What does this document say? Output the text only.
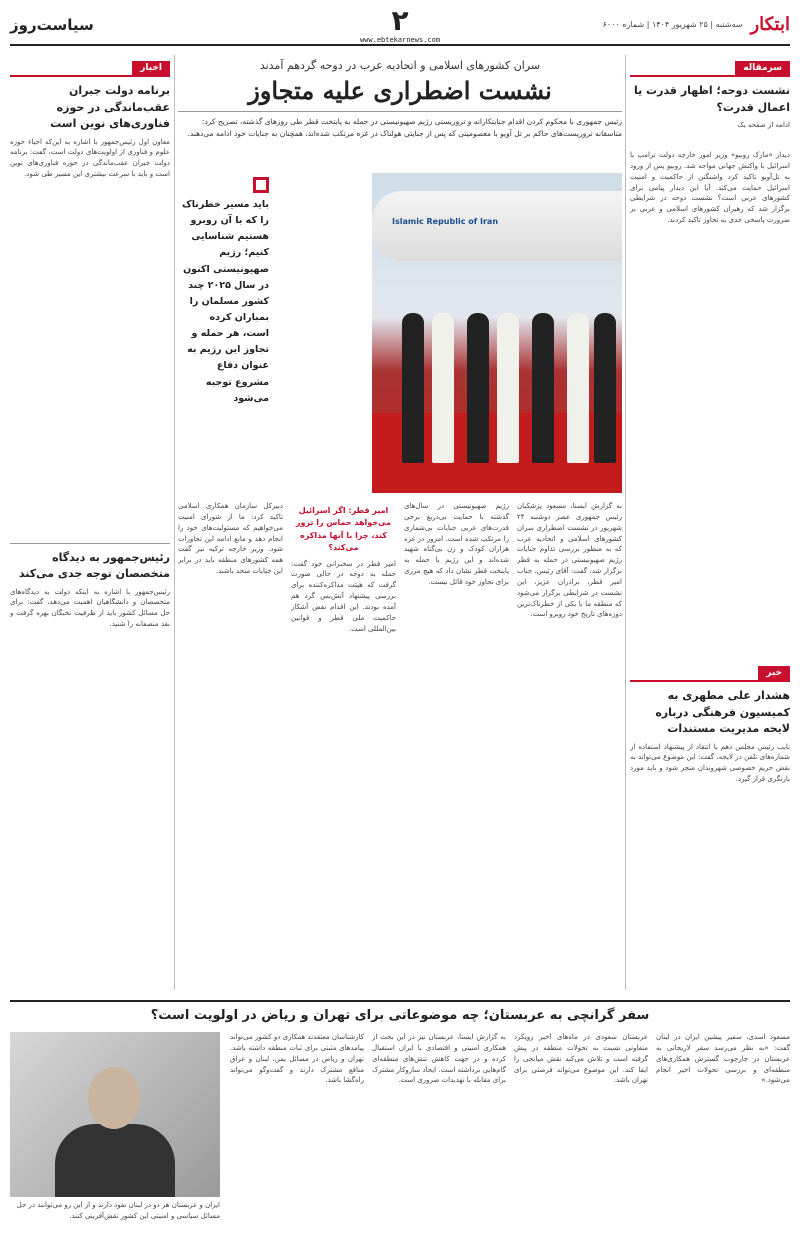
ابتکار
سه‌شنبه | ۲۵ شهریور ۱۴۰۴ | شماره ۶۰۰۰
۲
www.ebtekarnews.com
سیاست‌روز
سرمقاله
نشست دوحه؛ اظهار قدرت یا اعمال قدرت؟

ادامه از صفحه یک

دیدار «مارک روبیو» وزیر امور خارجه دولت ترامپ با اسرائیل با واکنش جهانی مواجه شد. روبیو پس از ورود به تل‌آویو تاکید کرد واشنگتن از حاکمیت و امنیت اسرائیل حمایت می‌کند. آیا این دیدار پیامی برای کشورهای عربی است؟ نشست دوحه در شرایطی برگزار شد که رهبران کشورهای اسلامی و عربی بر ضرورت پاسخی جدی به تجاوز تاکید کردند.

خبر
هشدار علی مطهری به کمیسیون فرهنگی درباره لایحه مدیریت مستندات

نایب رئیس مجلس دهم با انتقاد از پیشنهاد استفاده از شماره‌های تلفن در لایحه، گفت: این موضوع می‌تواند به نقض حریم خصوصی شهروندان منجر شود و باید مورد بازنگری قرار گیرد.

اخبار
برنامه دولت جبران عقب‌ماندگی در حوزه فناوری‌های نوین است

معاون اول رئیس‌جمهور با اشاره به این‌که احیاء حوزه علوم و فناوری از اولویت‌های دولت است، گفت: برنامه دولت جبران عقب‌ماندگی در حوزه فناوری‌های نوین است و باید با سرعت بیشتری این مسیر طی شود.

رئیس‌جمهور به دیدگاه متخصصان توجه جدی می‌کند

رئیس‌جمهور با اشاره به اینکه دولت به دیدگاه‌های متخصصان و دانشگاهیان اهمیت می‌دهد، گفت: برای حل مسائل کشور باید از ظرفیت نخبگان بهره گرفت و نقد منصفانه را شنید.

سران کشورهای اسلامی و اتحادیه عرب در دوحه گردهم آمدند
نشست اضطراری علیه متجاوز
رئیس جمهوری با محکوم کردن اقدام جنایتکارانه و تروریستی رژیم صهیونیستی در حمله به پایتخت قطر طی روزهای گذشته، تصریح کرد: متاسفانه تروریست‌های حاکم بر تل آویو با معصومیتی که پس از جنایتی هولناک در غزه مرتکب شده‌اند، همچنان به جنایات خود ادامه می‌دهند.
Islamic Republic of Iran
باید مسیر خطرناک را که با آن روبرو هستیم شناسایی کنیم؛ رژیم صهیونیستی اکنون در سال ۲۰۲۵ چند کشور مسلمان را بمباران کرده است، هر حمله و تجاوز این رژیم به عنوان دفاع مشروع توجیه می‌شود
به گزارش ایسنا، مسعود پزشکیان رئیس جمهوری عصر دوشنبه ۲۴ شهریور در نشست اضطراری سران کشورهای اسلامی و اتحادیه عرب که به منظور بررسی تداوم جنایات رژیم صهیونیستی در حمله به قطر برگزار شد، گفت: آقای رئیس، جناب امیر قطر، برادران عزیز، این نشست در شرایطی برگزار می‌شود که منطقه ما با یکی از خطرناک‌ترین دوره‌های تاریخ خود روبرو است.
رژیم صهیونیستی در سال‌های گذشته با حمایت بی‌دریغ برخی قدرت‌های غربی جنایات بی‌شماری را مرتکب شده است. امروز در غزه هزاران کودک و زن بی‌گناه شهید شده‌اند و این رژیم با حمله به پایتخت قطر نشان داد که هیچ مرزی برای تجاوز خود قائل نیست.
امیر قطر: اگر اسرائیل می‌خواهد حماس را ترور کند، چرا با آنها مذاکره می‌کند؟
امیر قطر در سخنرانی خود گفت: حمله به دوحه در حالی صورت گرفت که هیئت مذاکره‌کننده برای بررسی پیشنهاد آتش‌بس گرد هم آمده بودند. این اقدام نقض آشکار حاکمیت ملی قطر و قوانین بین‌المللی است.
دبیرکل سازمان همکاری اسلامی تاکید کرد: ما از شورای امنیت می‌خواهیم که مسئولیت‌های خود را انجام دهد و مانع ادامه این تجاوزات شود. وزیر خارجه ترکیه نیز گفت همه کشورهای منطقه باید در برابر این جنایات متحد باشند.
سفر گرانچی به عربستان؛ چه موضوعاتی برای تهران و ریاض در اولویت است؟
مسعود اسدی، سفیر پیشین ایران در لبنان گفت: «به نظر می‌رسد سفر لاریجانی به عربستان در چارچوب گسترش همکاری‌های منطقه‌ای و بررسی تحولات اخیر انجام می‌شود.»
عربستان سعودی در ماه‌های اخیر رویکرد متفاوتی نسبت به تحولات منطقه در پیش گرفته است و تلاش می‌کند نقش میانجی را ایفا کند. این موضوع می‌تواند فرصتی برای تهران باشد.
به گزارش ایسنا، عربستان نیز در این بحث از همکاری امنیتی و اقتصادی با ایران استقبال کرده و در جهت کاهش تنش‌های منطقه‌ای گام‌هایی برداشته است. ایجاد سازوکار مشترک برای مقابله با تهدیدات ضروری است.
کارشناسان معتقدند همکاری دو کشور می‌تواند پیامدهای مثبتی برای ثبات منطقه داشته باشد. تهران و ریاض در مسائل یمن، لبنان و عراق منافع مشترک دارند و گفت‌وگو می‌تواند راه‌گشا باشد.
ایران و عربستان هر دو در لبنان نفوذ دارند و از این رو می‌توانند در حل مسائل سیاسی و امنیتی این کشور نقش‌آفرینی کنند.
